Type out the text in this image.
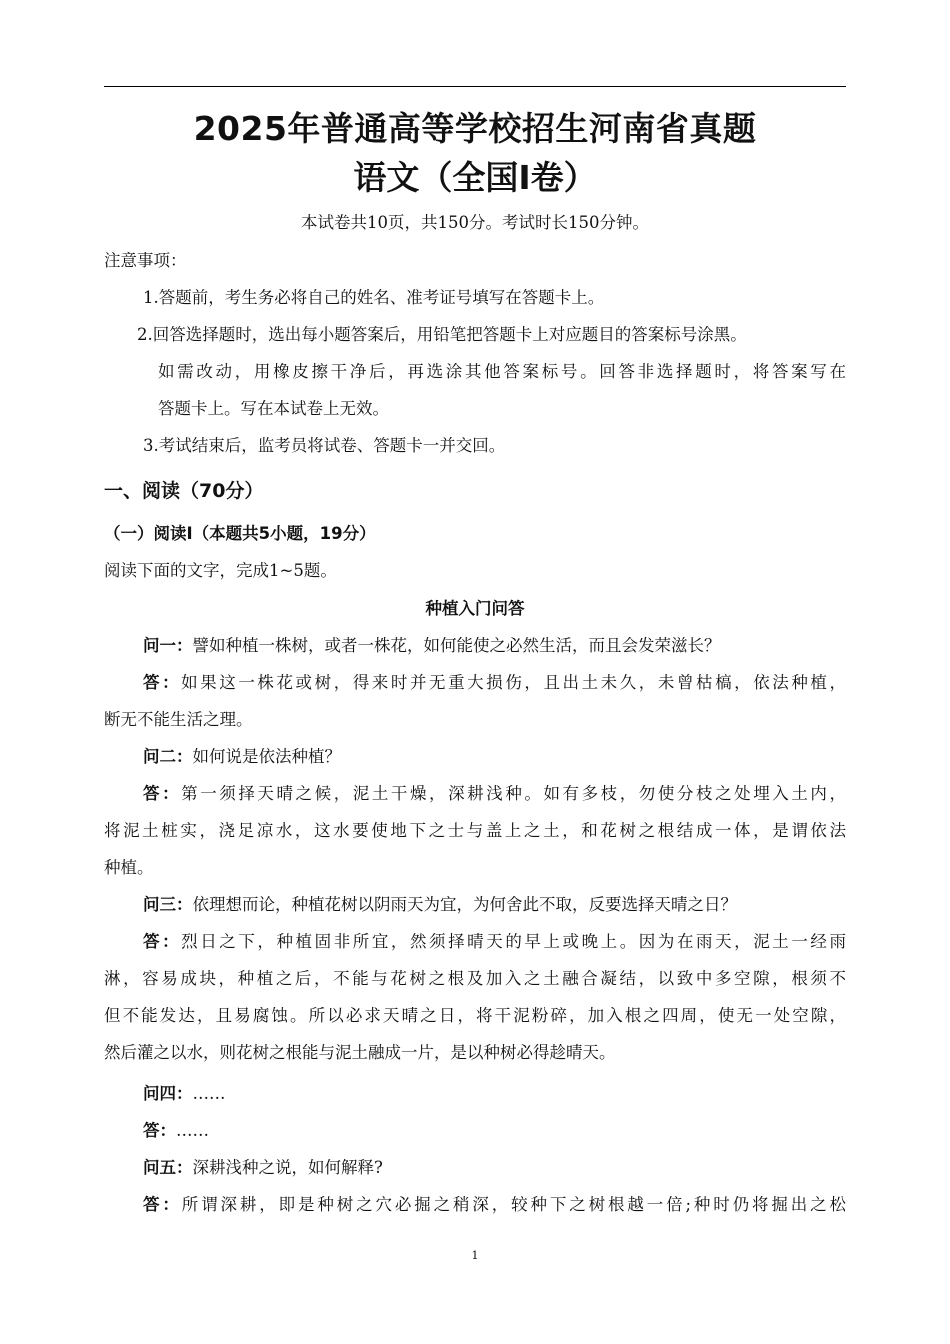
2025年普通高等学校招生河南省真题
语文（全国Ⅰ卷）
本试卷共10页，共150分。考试时长150分钟。
注意事项：
1.答题前，考生务必将自己的姓名、准考证号填写在答题卡上。
2.回答选择题时，选出每小题答案后，用铅笔把答题卡上对应题目的答案标号涂黑。
如需改动，用橡皮擦干净后，再选涂其他答案标号。回答非选择题时，将答案写在
答题卡上。写在本试卷上无效。
3.考试结束后，监考员将试卷、答题卡一并交回。
一、阅读（70分）
（一）阅读Ⅰ（本题共5小题，19分）
阅读下面的文字，完成1~5题。
种植入门问答
问一：譬如种植一株树，或者一株花，如何能使之必然生活，而且会发荣滋长？
答：如果这一株花或树，得来时并无重大损伤，且出土未久，未曾枯槁，依法种植，
断无不能生活之理。
问二：如何说是依法种植？
答：第一须择天晴之候，泥土干燥，深耕浅种。如有多枝，勿使分枝之处埋入土内，
将泥土桩实，浇足凉水，这水要使地下之士与盖上之土，和花树之根结成一体，是谓依法
种植。
问三：依理想而论，种植花树以阴雨天为宜，为何舍此不取，反要选择天晴之日？
答：烈日之下，种植固非所宜，然须择晴天的早上或晚上。因为在雨天，泥土一经雨
淋，容易成块，种植之后，不能与花树之根及加入之土融合凝结，以致中多空隙，根须不
但不能发达，且易腐蚀。所以必求天晴之日，将干泥粉碎，加入根之四周，使无一处空隙，
然后灌之以水，则花树之根能与泥土融成一片，是以种树必得趁晴天。
问四：……
答：……
问五：深耕浅种之说，如何解释?
答：所谓深耕，即是种树之穴必掘之稍深，较种下之树根越一倍;种时仍将掘出之松
1
